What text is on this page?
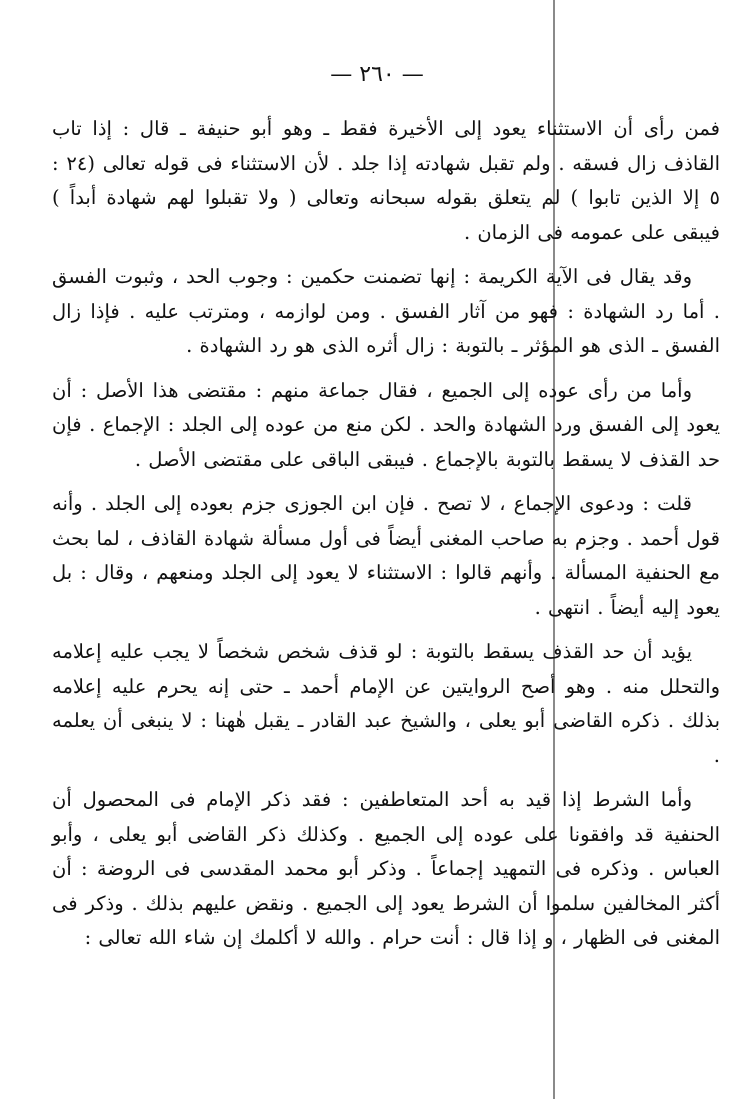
— ٢٦٠ —

فمن رأى أن الاستثناء يعود إلى الأخيرة فقط ـ وهو أبو حنيفة ـ قال : إذا تاب القاذف زال فسقه . ولم تقبل شهادته إذا جلد . لأن الاستثناء فى قوله تعالى (٢٤ : ٥ إلا الذين تابوا ) لم يتعلق بقوله سبحانه وتعالى ( ولا تقبلوا لهم شهادة أبداً ) فيبقى على عمومه فى الزمان .

وقد يقال فى الآية الكريمة : إنها تضمنت حكمين : وجوب الحد ، وثبوت الفسق . أما رد الشهادة : فهو من آثار الفسق . ومن لوازمه ، ومترتب عليه . فإذا زال الفسق ـ الذى هو المؤثر ـ بالتوبة : زال أثره الذى هو رد الشهادة .

وأما من رأى عوده إلى الجميع ، فقال جماعة منهم : مقتضى هذا الأصل : أن يعود إلى الفسق ورد الشهادة والحد . لكن منع من عوده إلى الجلد : الإجماع . فإن حد القذف لا يسقط بالتوبة بالإجماع . فيبقى الباقى على مقتضى الأصل .

قلت : ودعوى الإجماع ، لا تصح . فإن ابن الجوزى جزم بعوده إلى الجلد . وأنه قول أحمد . وجزم به صاحب المغنى أيضاً فى أول مسألة شهادة القاذف ، لما بحث مع الحنفية المسألة . وأنهم قالوا : الاستثناء لا يعود إلى الجلد ومنعهم ، وقال : بل يعود إليه أيضاً . انتهى .

يؤيد أن حد القذف يسقط بالتوبة : لو قذف شخص شخصاً لا يجب عليه إعلامه والتحلل منه . وهو أصح الروايتين عن الإمام أحمد ـ حتى إنه يحرم عليه إعلامه بذلك . ذكره القاضى أبو يعلى ، والشيخ عبد القادر ـ يقبل هٰهنا : لا ينبغى أن يعلمه .

وأما الشرط إذا قيد به أحد المتعاطفين : فقد ذكر الإمام فى المحصول أن الحنفية قد وافقونا على عوده إلى الجميع . وكذلك ذكر القاضى أبو يعلى ، وأبو العباس . وذكره فى التمهيد إجماعاً . وذكر أبو محمد المقدسى فى الروضة : أن أكثر المخالفين سلموا أن الشرط يعود إلى الجميع . ونقض عليهم بذلك . وذكر فى المغنى فى الظهار ، و إذا قال : أنت حرام . والله لا أكلمك إن شاء الله تعالى :
